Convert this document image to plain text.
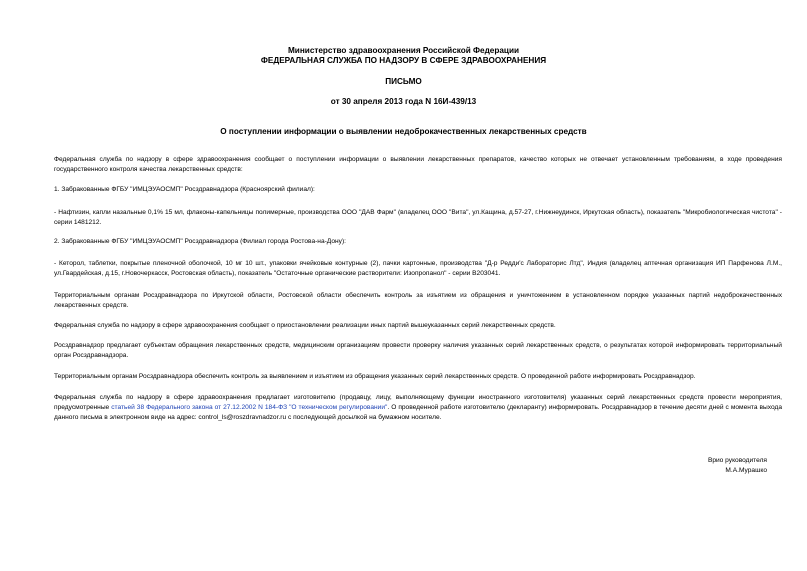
Министерство здравоохранения Российской Федерации
ФЕДЕРАЛЬНАЯ СЛУЖБА ПО НАДЗОРУ В СФЕРЕ ЗДРАВООХРАНЕНИЯ
ПИСЬМО
от 30 апреля 2013 года N 16И-439/13
О поступлении информации о выявлении недоброкачественных лекарственных средств
Федеральная служба по надзору в сфере здравоохранения сообщает о поступлении информации о выявлении лекарственных препаратов, качество которых не отвечает установленным требованиям, в ходе проведения государственного контроля качества лекарственных средств:
1. Забракованные ФГБУ "ИМЦЭУАОСМП" Росздравнадзора (Красноярский филиал):
- Нафтизин, капли назальные 0,1% 15 мл, флаконы-капельницы полимерные, производства ООО "ДАВ Фарм" (владелец ООО "Вита", ул.Кащина, д.57-27, г.Нижнеудинск, Иркутская область), показатель "Микробиологическая чистота" - серии 1481212.
2. Забракованные ФГБУ "ИМЦЭУАОСМП" Росздравнадзора (Филиал города Ростова-на-Дону):
- Кеторол, таблетки, покрытые пленочной оболочкой, 10 мг 10 шт., упаковки ячейковые контурные (2), пачки картонные, производства "Д-р Редди'с Лабораторис Лтд", Индия (владелец аптечная организация ИП Парфенова Л.М., ул.Гвардейская, д.15, г.Новочеркасск, Ростовская область), показатель "Остаточные органические растворители: Изопропанол" - серии В203041.
Территориальным органам Росздравнадзора по Иркутской области, Ростовской области обеспечить контроль за изъятием из обращения и уничтожением в установленном порядке указанных партий недоброкачественных лекарственных средств.
Федеральная служба по надзору в сфере здравоохранения сообщает о приостановлении реализации иных партий вышеуказанных серий лекарственных средств.
Росздравнадзор предлагает субъектам обращения лекарственных средств, медицинским организациям провести проверку наличия указанных серий лекарственных средств, о результатах которой информировать территориальный орган Росздравнадзора.
Территориальным органам Росздравнадзора обеспечить контроль за выявлением и изъятием из обращения указанных серий лекарственных средств. О проведенной работе информировать Росздравнадзор.
Федеральная служба по надзору в сфере здравоохранения предлагает изготовителю (продавцу, лицу, выполняющему функции иностранного изготовителя) указанных серий лекарственных средств провести мероприятия, предусмотренные статьей 38 Федерального закона от 27.12.2002 N 184-ФЗ "О техническом регулировании". О проведенной работе изготовителю (декларанту) информировать. Росздравнадзор в течение десяти дней с момента выхода данного письма в электронном виде на адрес: control_ls@roszdravnadzor.ru с последующей досылкой на бумажном носителе.
Врио руководителя
М.А.Мурашко
